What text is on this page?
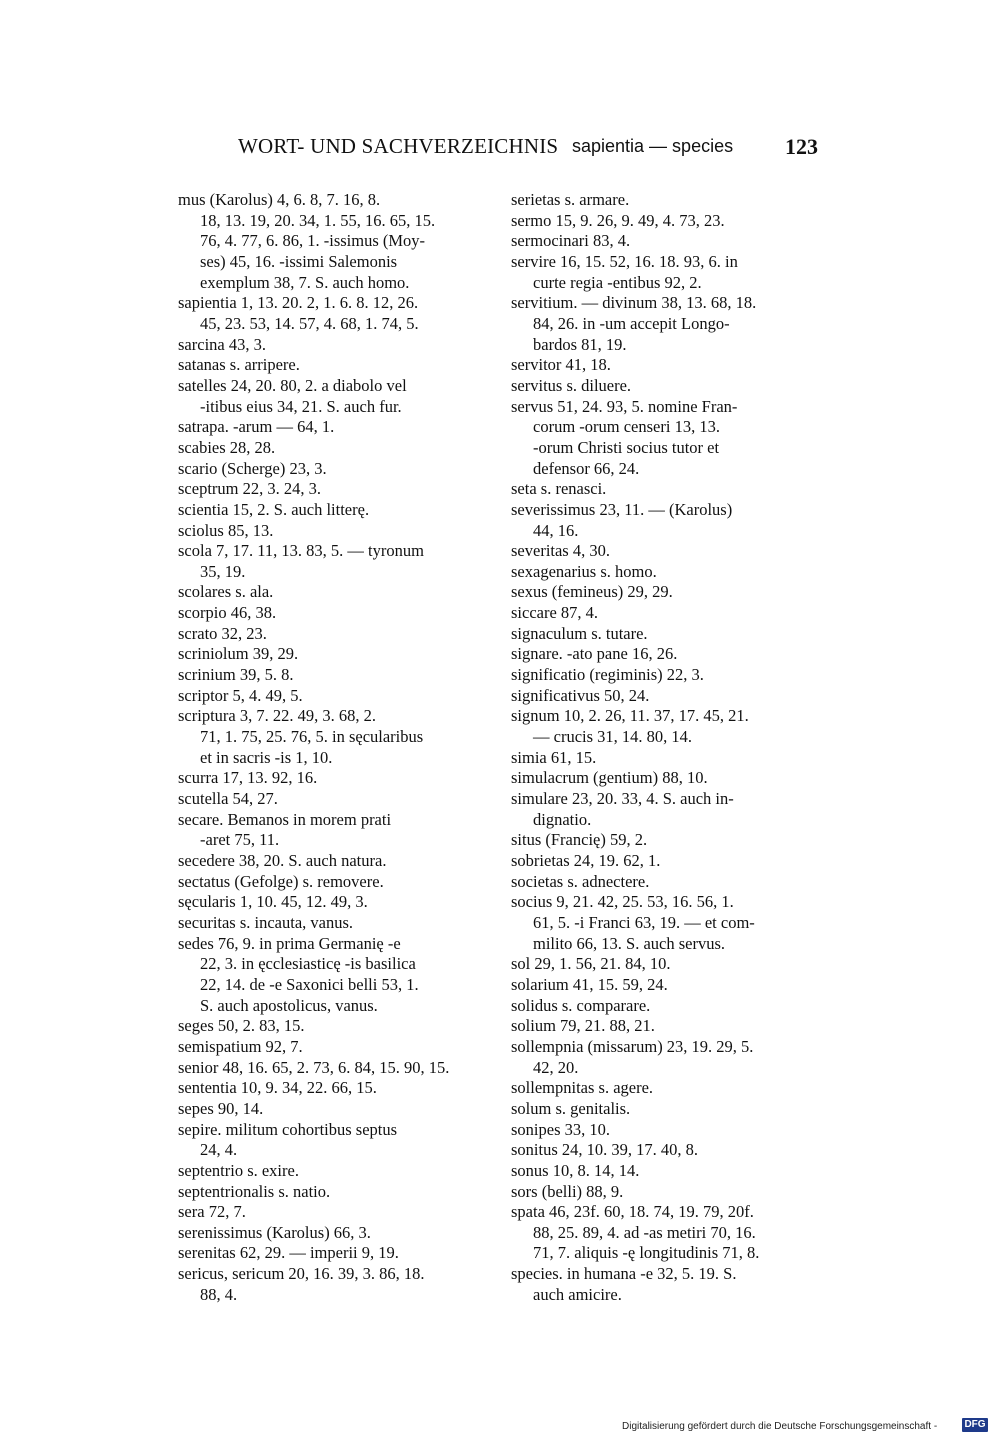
WORT- UND SACHVERZEICHNIS sapientia — species 123
mus (Karolus) 4, 6. 8, 7. 16, 8.
18, 13. 19, 20. 34, 1. 55, 16. 65, 15.
76, 4. 77, 6. 86, 1. -issimus (Moy-
ses) 45, 16. -issimi Salemonis
exemplum 38, 7. S. auch homo.
sapientia 1, 13. 20. 2, 1. 6. 8. 12, 26.
45, 23. 53, 14. 57, 4. 68, 1. 74, 5.
sarcina 43, 3.
satanas s. arripere.
satelles 24, 20. 80, 2. a diabolo vel
-itibus eius 34, 21. S. auch fur.
satrapa. -arum — 64, 1.
scabies 28, 28.
scario (Scherge) 23, 3.
sceptrum 22, 3. 24, 3.
scientia 15, 2. S. auch litterę.
sciolus 85, 13.
scola 7, 17. 11, 13. 83, 5. — tyronum
35, 19.
scolares s. ala.
scorpio 46, 38.
scrato 32, 23.
scriniolum 39, 29.
scrinium 39, 5. 8.
scriptor 5, 4. 49, 5.
scriptura 3, 7. 22. 49, 3. 68, 2.
71, 1. 75, 25. 76, 5. in sęcularibus
et in sacris -is 1, 10.
scurra 17, 13. 92, 16.
scutella 54, 27.
secare. Bemanos in morem prati
-aret 75, 11.
secedere 38, 20. S. auch natura.
sectatus (Gefolge) s. removere.
sęcularis 1, 10. 45, 12. 49, 3.
securitas s. incauta, vanus.
sedes 76, 9. in prima Germanię -e
22, 3. in ęcclesiasticę -is basilica
22, 14. de -e Saxonici belli 53, 1.
S. auch apostolicus, vanus.
seges 50, 2. 83, 15.
semispatium 92, 7.
senior 48, 16. 65, 2. 73, 6. 84, 15. 90, 15.
sententia 10, 9. 34, 22. 66, 15.
sepes 90, 14.
sepire. militum cohortibus septus
24, 4.
septentrio s. exire.
septentrionalis s. natio.
sera 72, 7.
serenissimus (Karolus) 66, 3.
serenitas 62, 29. — imperii 9, 19.
sericus, sericum 20, 16. 39, 3. 86, 18.
88, 4.
serietas s. armare.
sermo 15, 9. 26, 9. 49, 4. 73, 23.
sermocinari 83, 4.
servire 16, 15. 52, 16. 18. 93, 6. in
curte regia -entibus 92, 2.
servitium. — divinum 38, 13. 68, 18.
84, 26. in -um accepit Longo-
bardos 81, 19.
servitor 41, 18.
servitus s. diluere.
servus 51, 24. 93, 5. nomine Fran-
corum -orum censeri 13, 13.
-orum Christi socius tutor et
defensor 66, 24.
seta s. renasci.
severissimus 23, 11. — (Karolus)
44, 16.
severitas 4, 30.
sexagenarius s. homo.
sexus (femineus) 29, 29.
siccare 87, 4.
signaculum s. tutare.
signare. -ato pane 16, 26.
significatio (regiminis) 22, 3.
significativus 50, 24.
signum 10, 2. 26, 11. 37, 17. 45, 21.
— crucis 31, 14. 80, 14.
simia 61, 15.
simulacrum (gentium) 88, 10.
simulare 23, 20. 33, 4. S. auch in-
dignatio.
situs (Francię) 59, 2.
sobrietas 24, 19. 62, 1.
societas s. adnectere.
socius 9, 21. 42, 25. 53, 16. 56, 1.
61, 5. -i Franci 63, 19. — et com-
milito 66, 13. S. auch servus.
sol 29, 1. 56, 21. 84, 10.
solarium 41, 15. 59, 24.
solidus s. comparare.
solium 79, 21. 88, 21.
sollempnia (missarum) 23, 19. 29, 5.
42, 20.
sollempnitas s. agere.
solum s. genitalis.
sonipes 33, 10.
sonitus 24, 10. 39, 17. 40, 8.
sonus 10, 8. 14, 14.
sors (belli) 88, 9.
spata 46, 23f. 60, 18. 74, 19. 79, 20f.
88, 25. 89, 4. ad -as metiri 70, 16.
71, 7. aliquis -ę longitudinis 71, 8.
species. in humana -e 32, 5. 19. S.
auch amicire.
Digitalisierung gefördert durch die Deutsche Forschungsgemeinschaft -	DFG
